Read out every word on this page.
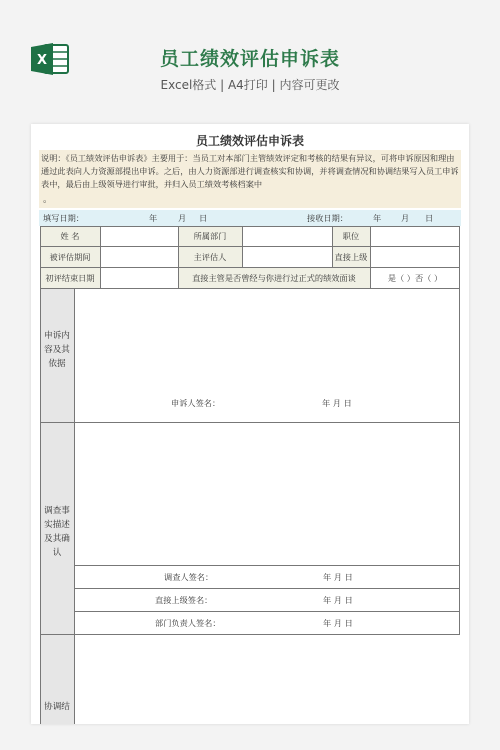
X	员工绩效评估申诉表
Excel格式 | A4打印 | 内容可更改
员工绩效评估申诉表
说明：《员工绩效评估申诉表》主要用于：当员工对本部门主管绩效评定和考核的结果有异议，可将申诉原因和理由通过此表向人力资源部提出申诉。之后，由人力资源部进行调查核实和协调，并将调查情况和协调结果写入员工申诉表中，最后由上级领导进行审批，并归入员工绩效考核档案中
。
填写日期：	年	月 日	接收日期：	年 月 日
姓 名	所属部门	职位
被评估期间	主评估人	直接上级
初评结束日期	直接主管是否曾经与你进行过正式的绩效面谈	是（ ）否（ ）
申诉内容及其依据
申诉人签名：	年 月 日
调查事实描述及其确认
调查人签名：	年 月 日
直接上级签名：	年 月 日
部门负责人签名：	年 月 日
协调结
